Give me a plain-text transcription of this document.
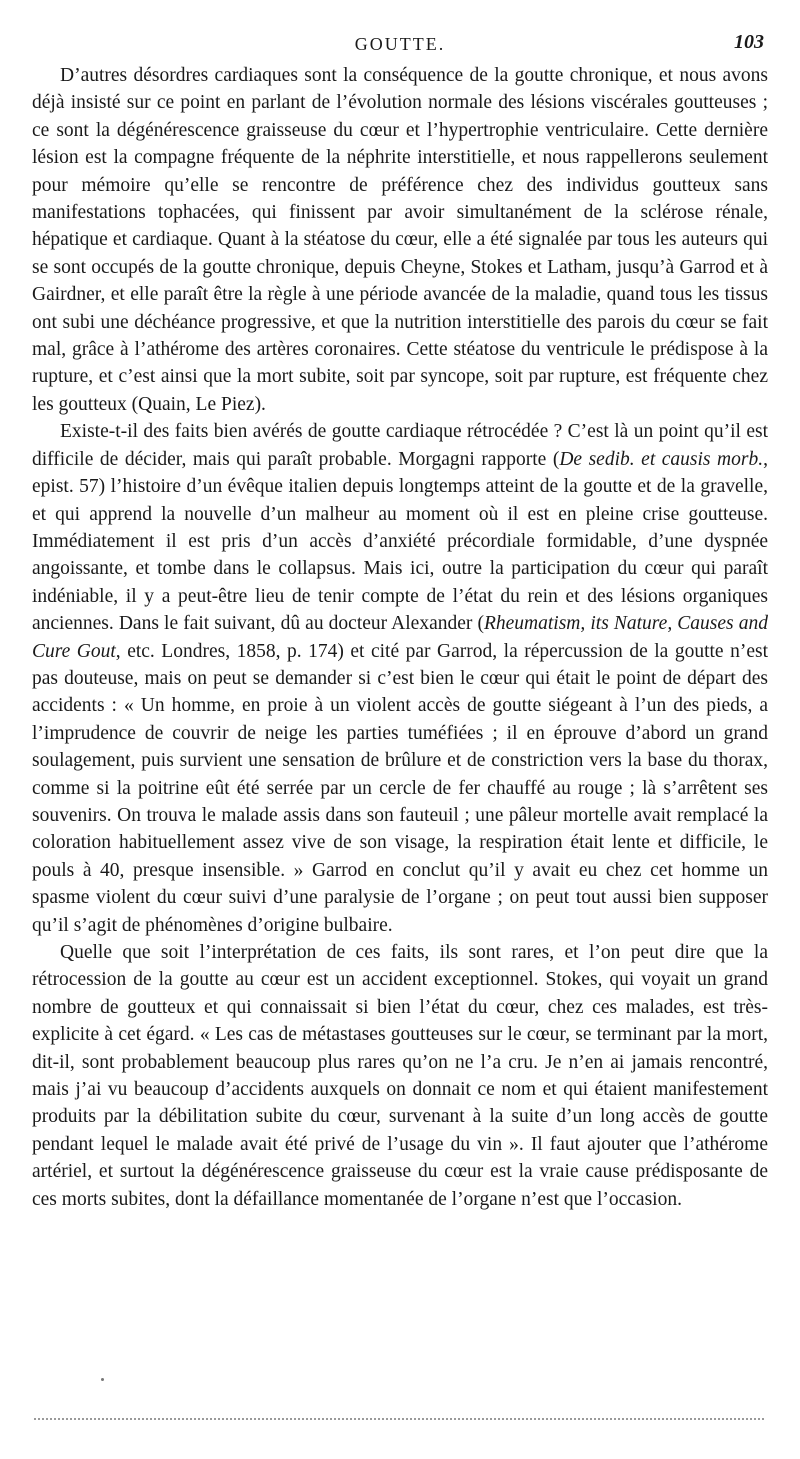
GOUTTE.	103

D’autres désordres cardiaques sont la conséquence de la goutte chronique, et nous avons déjà insisté sur ce point en parlant de l’évolution normale des lésions viscérales goutteuses ; ce sont la dégénérescence graisseuse du cœur et l’hypertrophie ventriculaire. Cette dernière lésion est la compagne fréquente de la néphrite interstitielle, et nous rappellerons seulement pour mémoire qu’elle se rencontre de préférence chez des individus goutteux sans manifestations tophacées, qui finissent par avoir simultanément de la sclérose rénale, hépatique et cardiaque. Quant à la stéatose du cœur, elle a été signalée par tous les auteurs qui se sont occupés de la goutte chronique, depuis Cheyne, Stokes et Latham, jusqu’à Garrod et à Gairdner, et elle paraît être la règle à une période avancée de la maladie, quand tous les tissus ont subi une déchéance progressive, et que la nutrition interstitielle des parois du cœur se fait mal, grâce à l’athérome des artères coronaires. Cette stéatose du ventricule le prédispose à la rupture, et c’est ainsi que la mort subite, soit par syncope, soit par rupture, est fréquente chez les goutteux (Quain, Le Piez).

Existe-t-il des faits bien avérés de goutte cardiaque rétrocédée ? C’est là un point qu’il est difficile de décider, mais qui paraît probable. Morgagni rapporte (De sedib. et causis morb., epist. 57) l’histoire d’un évêque italien depuis longtemps atteint de la goutte et de la gravelle, et qui apprend la nouvelle d’un malheur au moment où il est en pleine crise goutteuse. Immédiatement il est pris d’un accès d’anxiété précordiale formidable, d’une dyspnée angoissante, et tombe dans le collapsus. Mais ici, outre la participation du cœur qui paraît indéniable, il y a peut-être lieu de tenir compte de l’état du rein et des lésions organiques anciennes. Dans le fait suivant, dû au docteur Alexander (Rheumatism, its Nature, Causes and Cure Gout, etc. Londres, 1858, p. 174) et cité par Garrod, la répercussion de la goutte n’est pas douteuse, mais on peut se demander si c’est bien le cœur qui était le point de départ des accidents : « Un homme, en proie à un violent accès de goutte siégeant à l’un des pieds, a l’imprudence de couvrir de neige les parties tuméfiées ; il en éprouve d’abord un grand soulagement, puis survient une sensation de brûlure et de constriction vers la base du thorax, comme si la poitrine eût été serrée par un cercle de fer chauffé au rouge ; là s’arrêtent ses souvenirs. On trouva le malade assis dans son fauteuil ; une pâleur mortelle avait remplacé la coloration habituellement assez vive de son visage, la respiration était lente et difficile, le pouls à 40, presque insensible. » Garrod en conclut qu’il y avait eu chez cet homme un spasme violent du cœur suivi d’une paralysie de l’organe ; on peut tout aussi bien supposer qu’il s’agit de phénomènes d’origine bulbaire.

Quelle que soit l’interprétation de ces faits, ils sont rares, et l’on peut dire que la rétrocession de la goutte au cœur est un accident exceptionnel. Stokes, qui voyait un grand nombre de goutteux et qui connaissait si bien l’état du cœur, chez ces malades, est très-explicite à cet égard. « Les cas de métastases goutteuses sur le cœur, se terminant par la mort, dit-il, sont probablement beaucoup plus rares qu’on ne l’a cru. Je n’en ai jamais rencontré, mais j’ai vu beaucoup d’accidents auxquels on donnait ce nom et qui étaient manifestement produits par la débilitation subite du cœur, survenant à la suite d’un long accès de goutte pendant lequel le malade avait été privé de l’usage du vin ». Il faut ajouter que l’athérome artériel, et surtout la dégénérescence graisseuse du cœur est la vraie cause prédisposante de ces morts subites, dont la défaillance momentanée de l’organe n’est que l’occasion.
